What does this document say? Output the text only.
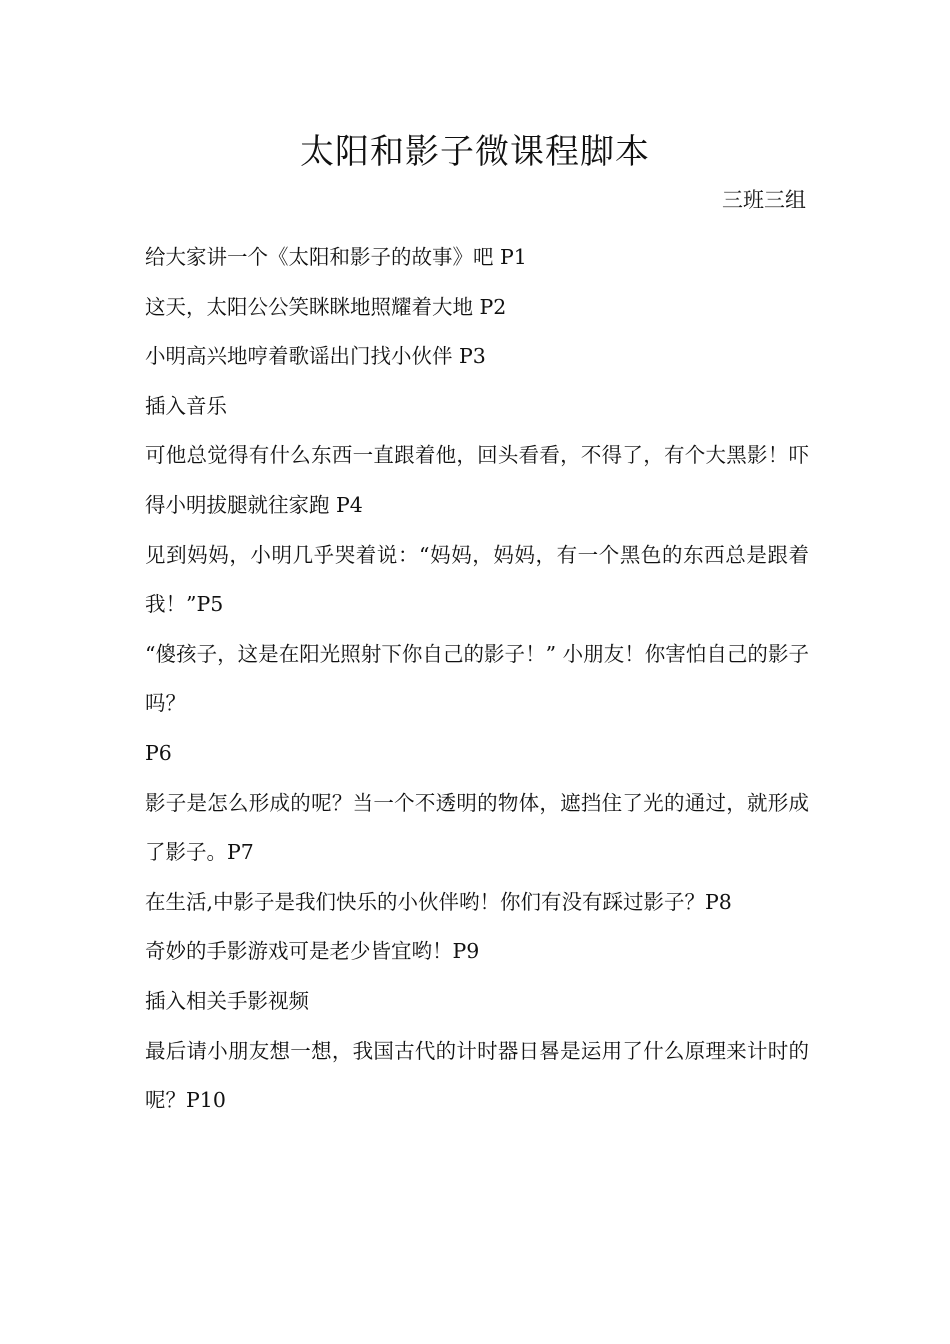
太阳和影子微课程脚本
三班三组

给大家讲一个《太阳和影子的故事》吧 P1

这天，太阳公公笑眯眯地照耀着大地 P2

小明高兴地哼着歌谣出门找小伙伴 P3

插入音乐

可他总觉得有什么东西一直跟着他，回头看看，不得了，有个大黑影！吓得小明拔腿就往家跑 P4

见到妈妈，小明几乎哭着说：“妈妈，妈妈，有一个黑色的东西总是跟着我！”P5

“傻孩子，这是在阳光照射下你自己的影子！” 小朋友！你害怕自己的影子吗？

P6

影子是怎么形成的呢？当一个不透明的物体，遮挡住了光的通过，就形成了影子。P7

在生活,中影子是我们快乐的小伙伴哟！你们有没有踩过影子？P8

奇妙的手影游戏可是老少皆宜哟！P9

插入相关手影视频

最后请小朋友想一想，我国古代的计时器日晷是运用了什么原理来计时的呢？P10
